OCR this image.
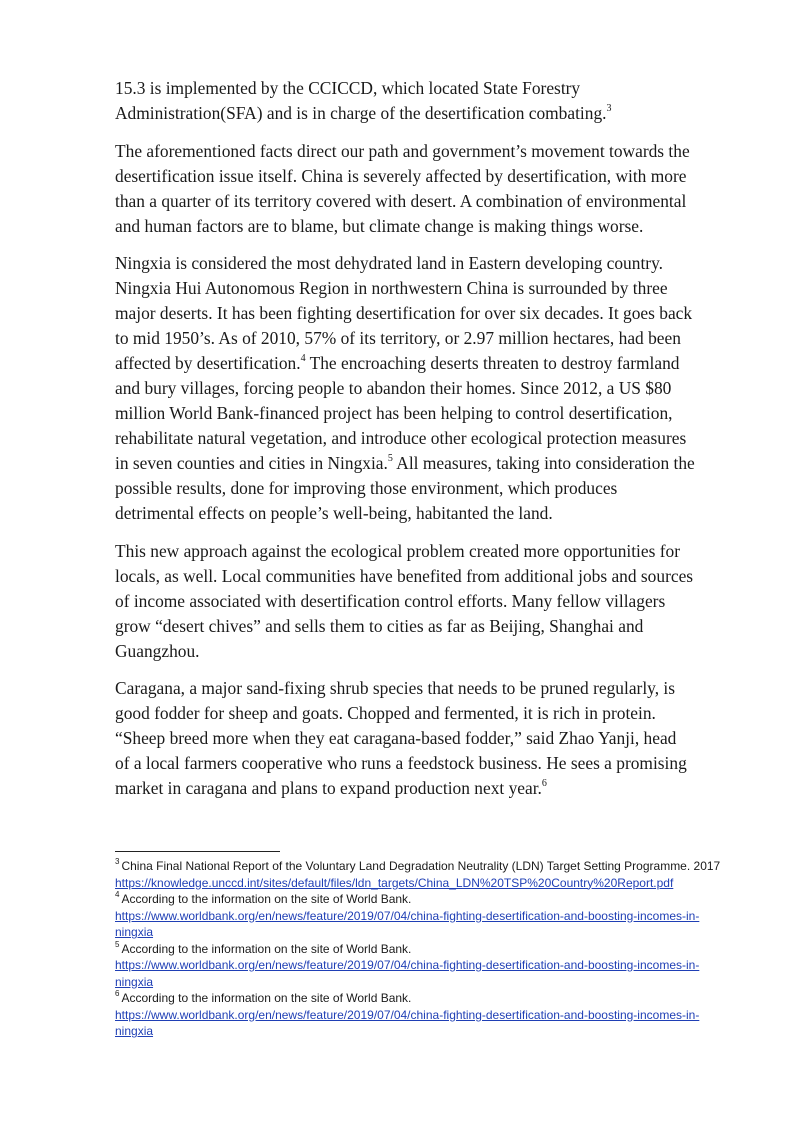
15.3 is implemented by the CCICCD, which located State Forestry
Administration(SFA) and is in charge of the desertification combating.$^3$

The aforementioned facts direct our path and government’s movement towards the
desertification issue itself. China is severely affected by desertification, with more
than a quarter of its territory covered with desert. A combination of environmental
and human factors are to blame, but climate change is making things worse.

Ningxia is considered the most dehydrated land in Eastern developing country.
Ningxia Hui Autonomous Region in northwestern China is surrounded by three
major deserts. It has been fighting desertification for over six decades. It goes back
to mid 1950’s. As of 2010, 57% of its territory, or 2.97 million hectares, had been
affected by desertification.$^4$ The encroaching deserts threaten to destroy farmland
and bury villages, forcing people to abandon their homes. Since 2012, a US $80
million World Bank-financed project has been helping to control desertification,
rehabilitate natural vegetation, and introduce other ecological protection measures
in seven counties and cities in Ningxia.$^5$ All measures, taking into consideration the
possible results, done for improving those environment, which produces
detrimental effects on people’s well-being, habitanted the land.

This new approach against the ecological problem created more opportunities for
locals, as well. Local communities have benefited from additional jobs and sources
of income associated with desertification control efforts. Many fellow villagers
grow “desert chives” and sells them to cities as far as Beijing, Shanghai and
Guangzhou.

Caragana, a major sand-fixing shrub species that needs to be pruned regularly, is
good fodder for sheep and goats. Chopped and fermented, it is rich in protein.
“Sheep breed more when they eat caragana-based fodder,” said Zhao Yanji, head
of a local farmers cooperative who runs a feedstock business. He sees a promising
market in caragana and plans to expand production next year.$^6$

$^3$ China Final National Report of the Voluntary Land Degradation Neutrality (LDN) Target Setting Programme. 2017
https://knowledge.unccd.int/sites/default/files/ldn_targets/China_LDN%20TSP%20Country%20Report.pdf
$^4$ According to the information on the site of World Bank.
https://www.worldbank.org/en/news/feature/2019/07/04/china-fighting-desertification-and-boosting-incomes-in-
ningxia
$^5$ According to the information on the site of World Bank.
https://www.worldbank.org/en/news/feature/2019/07/04/china-fighting-desertification-and-boosting-incomes-in-
ningxia
$^6$ According to the information on the site of World Bank.
https://www.worldbank.org/en/news/feature/2019/07/04/china-fighting-desertification-and-boosting-incomes-in-
ningxia
